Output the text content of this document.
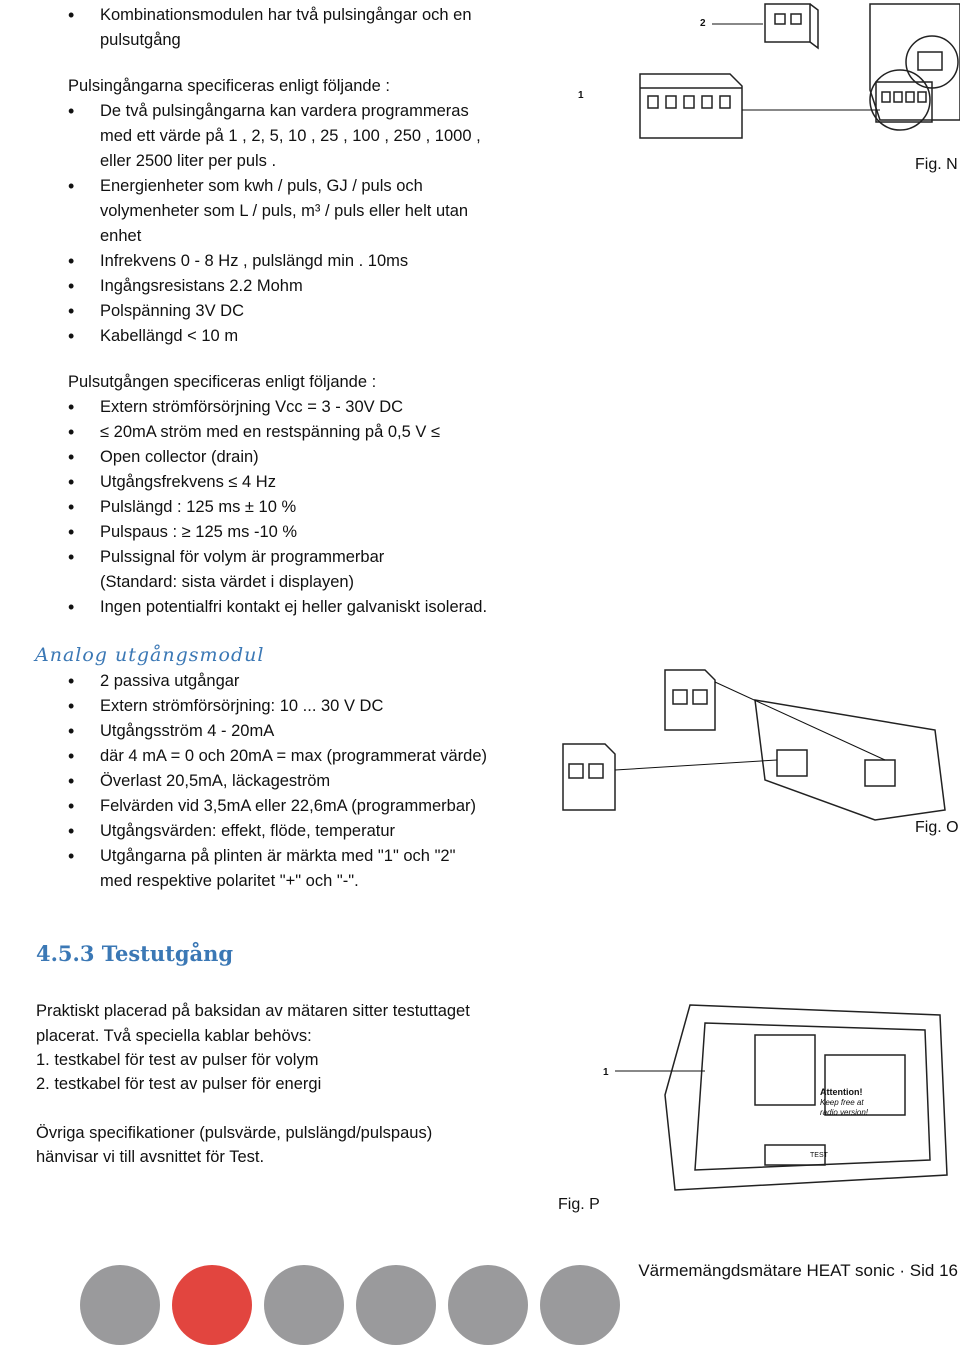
• Kombinationsmodulen har två pulsingångar och en
pulsutgång
Pulsingångarna specificeras enligt följande :
• De två pulsingångarna kan vardera programmeras
med ett värde på 1 , 2, 5, 10 , 25 , 100 , 250 , 1000 ,
eller 2500 liter per puls .
• Energienheter som kwh / puls, GJ / puls och
volymenheter som L / puls, m³ / puls eller helt utan
enhet
• Infrekvens 0 - 8 Hz , pulslängd min . 10ms
• Ingångsresistans 2.2 Mohm
• Polspänning 3V DC
• Kabellängd < 10 m
Pulsutgången specificeras enligt följande :
• Extern strömförsörjning Vcc = 3 - 30V DC
• ≤ 20mA ström med en restspänning på 0,5 V ≤
• Open collector (drain)
• Utgångsfrekvens ≤ 4 Hz
• Pulslängd : 125 ms ± 10 %
• Pulspaus : ≥ 125 ms -10 %
• Pulssignal för volym är programmerbar
(Standard: sista värdet i displayen)
• Ingen potentialfri kontakt ej heller galvaniskt isolerad.
Analog utgångsmodul
• 2 passiva utgångar
• Extern strömförsörjning: 10 ... 30 V DC
• Utgångsström 4 - 20mA
• där 4 mA = 0 och 20mA = max (programmerat värde)
• Överlast 20,5mA, läckageström
• Felvärden vid 3,5mA eller 22,6mA (programmerbar)
• Utgångsvärden: effekt, flöde, temperatur
• Utgångarna på plinten är märkta med "1" och "2"
med respektive polaritet "+" och "-".
4.5.3 Testutgång
Praktiskt placerad på baksidan av mätaren sitter testuttaget
placerat. Två speciella kablar behövs:
1. testkabel för test av pulser för volym
2. testkabel för test av pulser för energi
Övriga specifikationer (pulsvärde, pulslängd/pulspaus)
hänvisar vi till avsnittet för Test.
2
1
Fig. N
Fig. O
Attention!
Keep free at
radio version!
TEST
1
Fig. P
Värmemängdsmätare HEAT sonic · Sid 16
